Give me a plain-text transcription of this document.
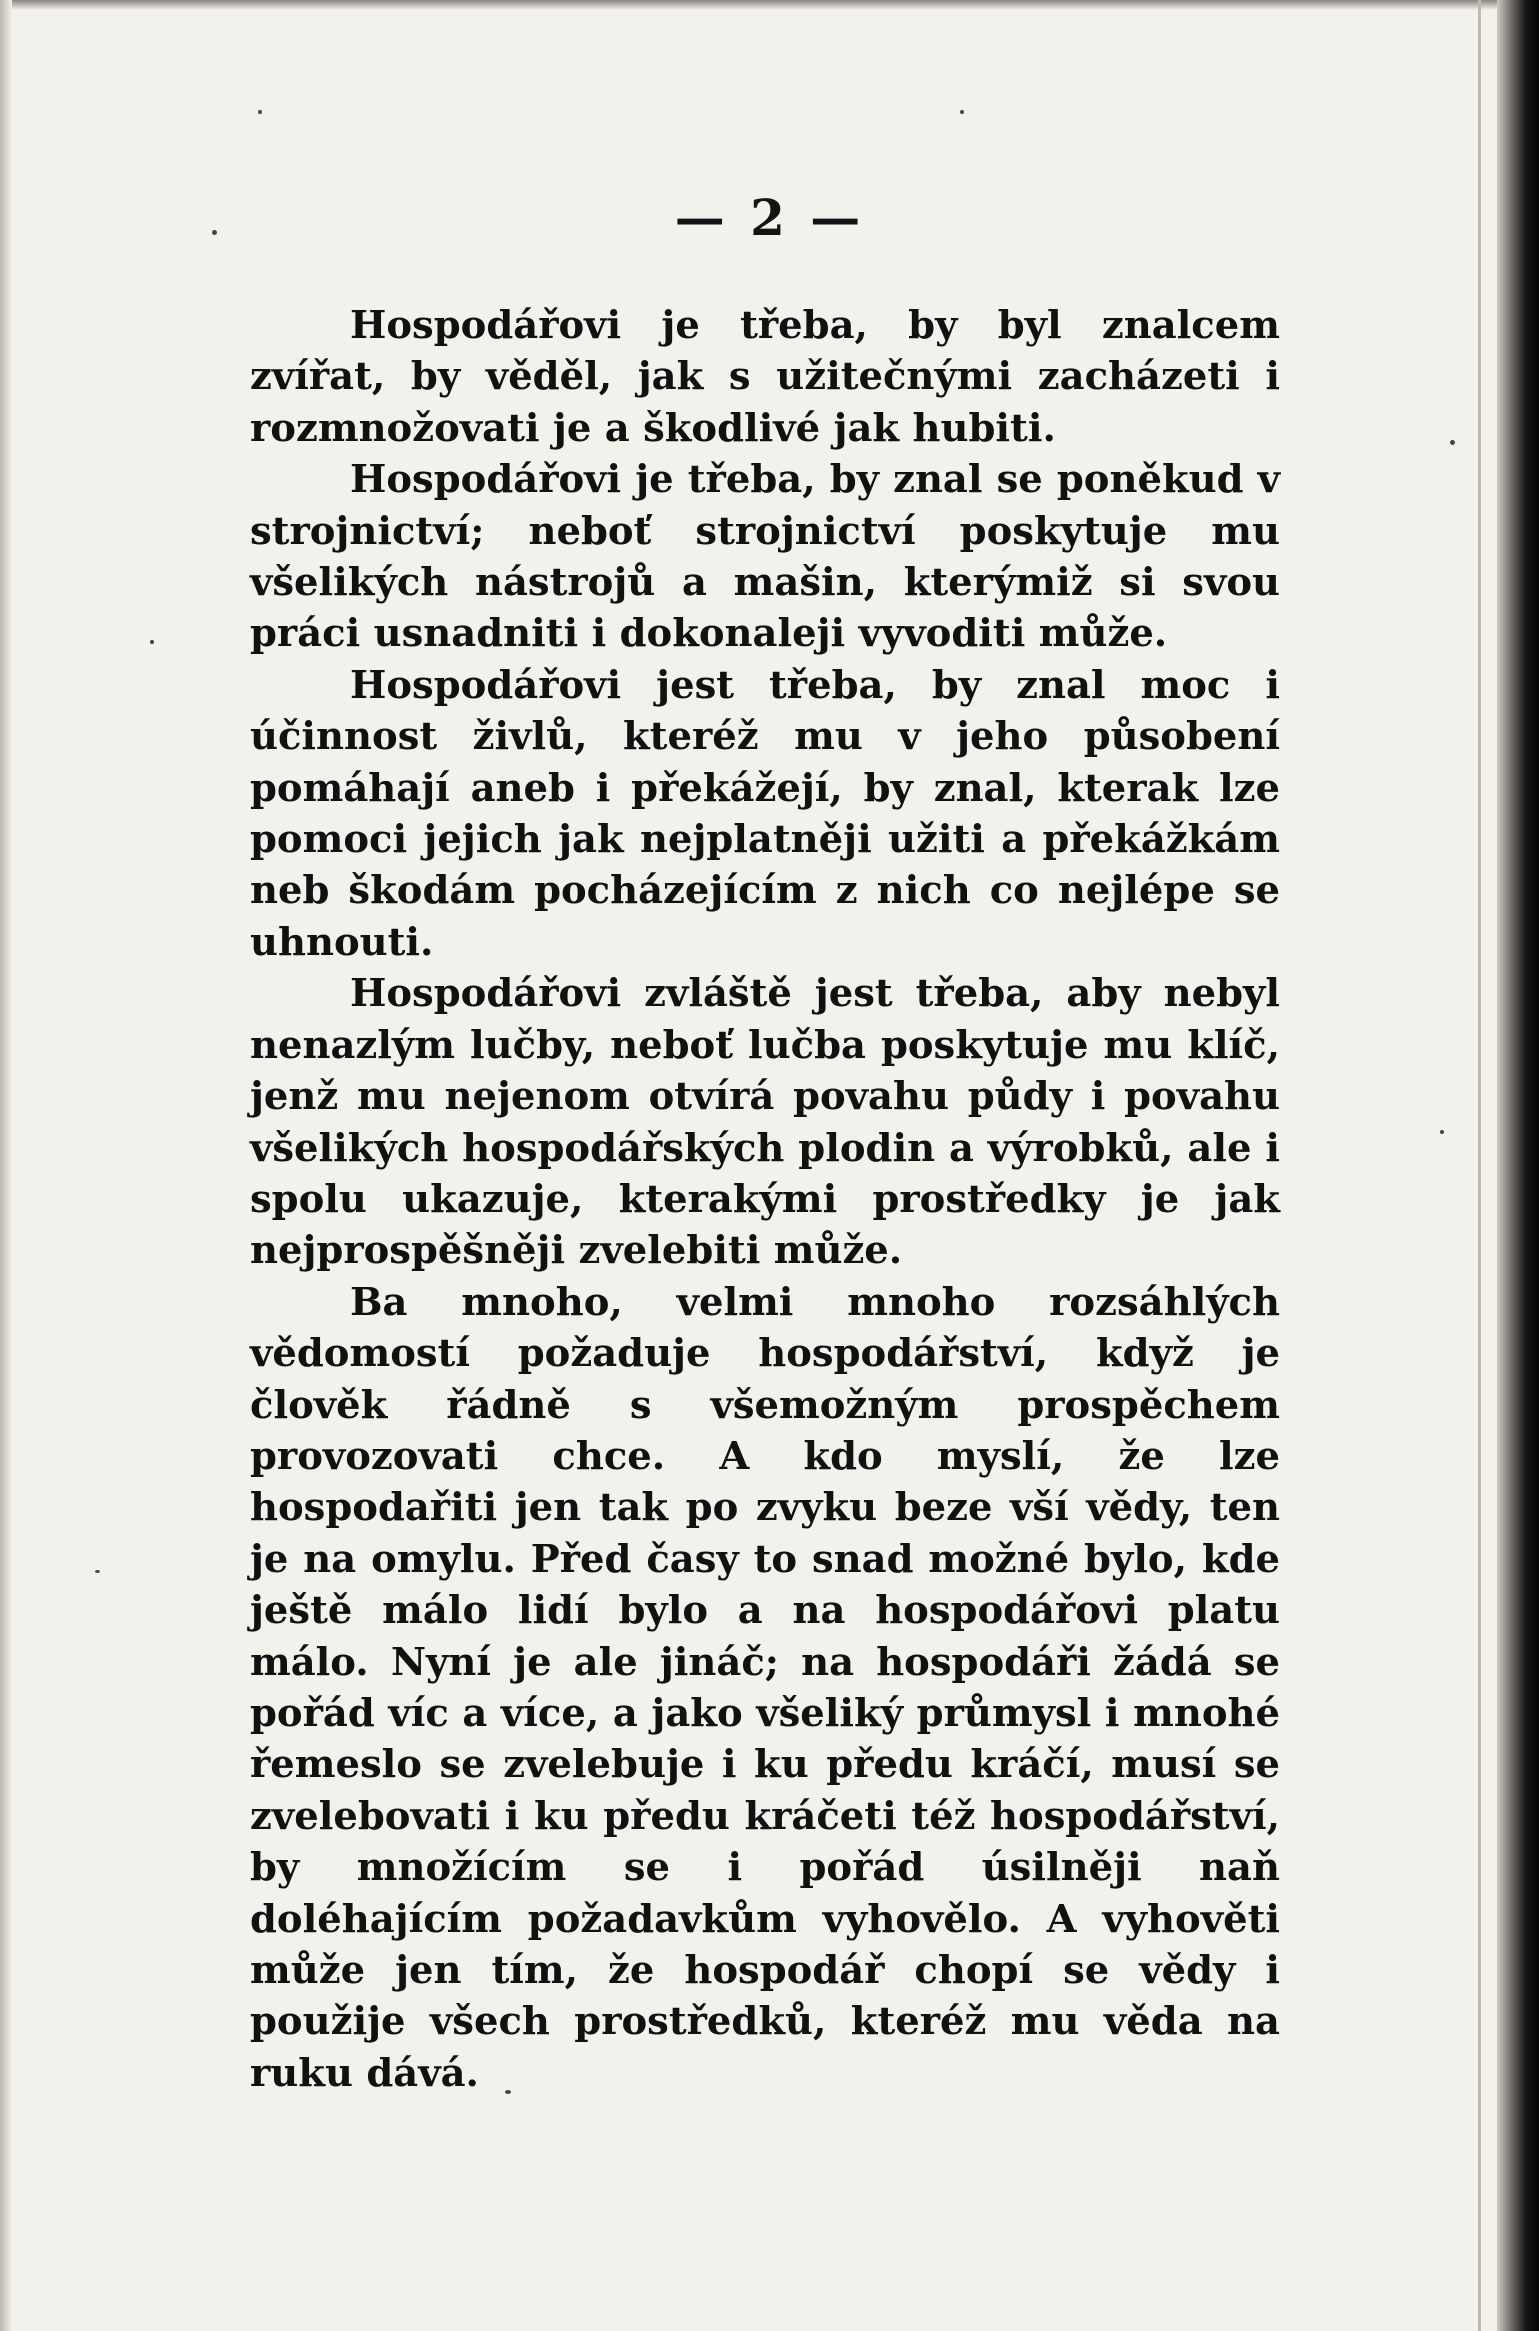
— 2 —

Hospodářovi je třeba, by byl znalcem zvířat, by věděl, jak s užitečnými zacházeti i rozmnožovati je a škodlivé jak hubiti.

Hospodářovi je třeba, by znal se poněkud v strojnictví; neboť strojnictví poskytuje mu všelikých nástrojů a mašin, kterýmiž si svou práci usnadniti i dokonaleji vyvoditi může.

Hospodářovi jest třeba, by znal moc i účinnost živlů, kteréž mu v jeho působení pomáhají aneb i překážejí, by znal, kterak lze pomoci jejich jak nejplatněji užiti a překážkám neb škodám pocházejícím z nich co nejlépe se uhnouti.

Hospodářovi zvláště jest třeba, aby nebyl nenazlým lučby, neboť lučba poskytuje mu klíč, jenž mu nejenom otvírá povahu půdy i povahu všelikých hospodářských plodin a výrobků, ale i spolu ukazuje, kterakými prostředky je jak nejprospěšněji zvelebiti může.

Ba mnoho, velmi mnoho rozsáhlých vědomostí požaduje hospodářství, když je člověk řádně s všemožným prospěchem provozovati chce. A kdo myslí, že lze hospodařiti jen tak po zvyku beze vší vědy, ten je na omylu. Před časy to snad možné bylo, kde ještě málo lidí bylo a na hospodářovi platu málo. Nyní je ale jináč; na hospodáři žádá se pořád víc a více, a jako všeliký průmysl i mnohé řemeslo se zvelebuje i ku předu kráčí, musí se zvelebovati i ku předu kráčeti též hospodářství, by množícím se i pořád úsilněji naň doléhajícím požadavkům vyhovělo. A vyhověti může jen tím, že hospodář chopí se vědy i použije všech prostředků, kteréž mu věda na ruku dává.
